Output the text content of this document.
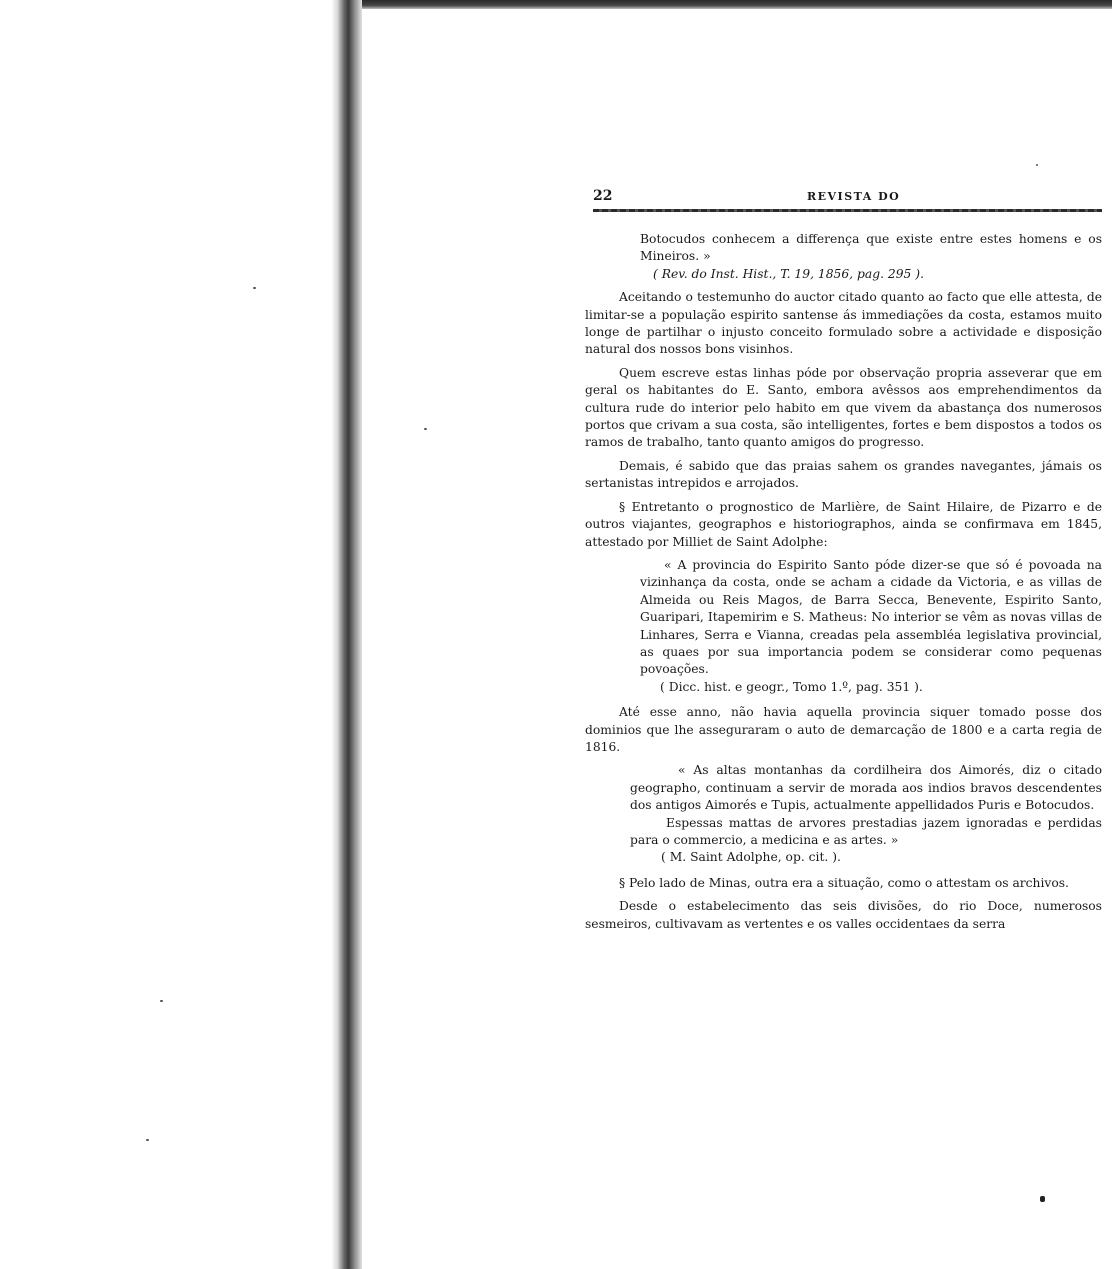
22	REVISTA DO

Botocudos conhecem a differença que existe entre estes homens e os Mineiros. »

( Rev. do Inst. Hist., T. 19, 1856, pag. 295 ).

Aceitando o testemunho do auctor citado quanto ao facto que elle attesta, de limitar-se a população espirito santense ás immediações da costa, estamos muito longe de partilhar o injusto conceito formulado sobre a actividade e disposição natural dos nossos bons visinhos.

Quem escreve estas linhas póde por observação propria asseverar que em geral os habitantes do E. Santo, embora avêssos aos emprehendimentos da cultura rude do interior pelo habito em que vivem da abastança dos numerosos portos que crivam a sua costa, são intelligentes, fortes e bem dispostos a todos os ramos de trabalho, tanto quanto amigos do progresso.

Demais, é sabido que das praias sahem os grandes navegantes, jámais os sertanistas intrepidos e arrojados.

§ Entretanto o prognostico de Marlière, de Saint Hilaire, de Pizarro e de outros viajantes, geographos e historiographos, ainda se confirmava em 1845, attestado por Milliet de Saint Adolphe:

« A provincia do Espirito Santo póde dizer-se que só é povoada na vizinhança da costa, onde se acham a cidade da Victoria, e as villas de Almeida ou Reis Magos, de Barra Secca, Benevente, Espirito Santo, Guaripari, Itapemirim e S. Matheus: No interior se vêm as novas villas de Linhares, Serra e Vianna, creadas pela assembléa legislativa provincial, as quaes por sua importancia podem se considerar como pequenas povoações.

( Dicc. hist. e geogr., Tomo 1.º, pag. 351 ).

Até esse anno, não havia aquella provincia siquer tomado posse dos dominios que lhe asseguraram o auto de demarcação de 1800 e a carta regia de 1816.

« As altas montanhas da cordilheira dos Aimorés, diz o citado geographo, continuam a servir de morada aos indios bravos descendentes dos antigos Aimorés e Tupis, actualmente appellidados Puris e Botocudos.

Espessas mattas de arvores prestadias jazem ignoradas e perdidas para o commercio, a medicina e as artes. »

( M. Saint Adolphe, op. cit. ).

§ Pelo lado de Minas, outra era a situação, como o attestam os archivos.

Desde o estabelecimento das seis divisões, do rio Doce, numerosos sesmeiros, cultivavam as vertentes e os valles occidentaes da serra
